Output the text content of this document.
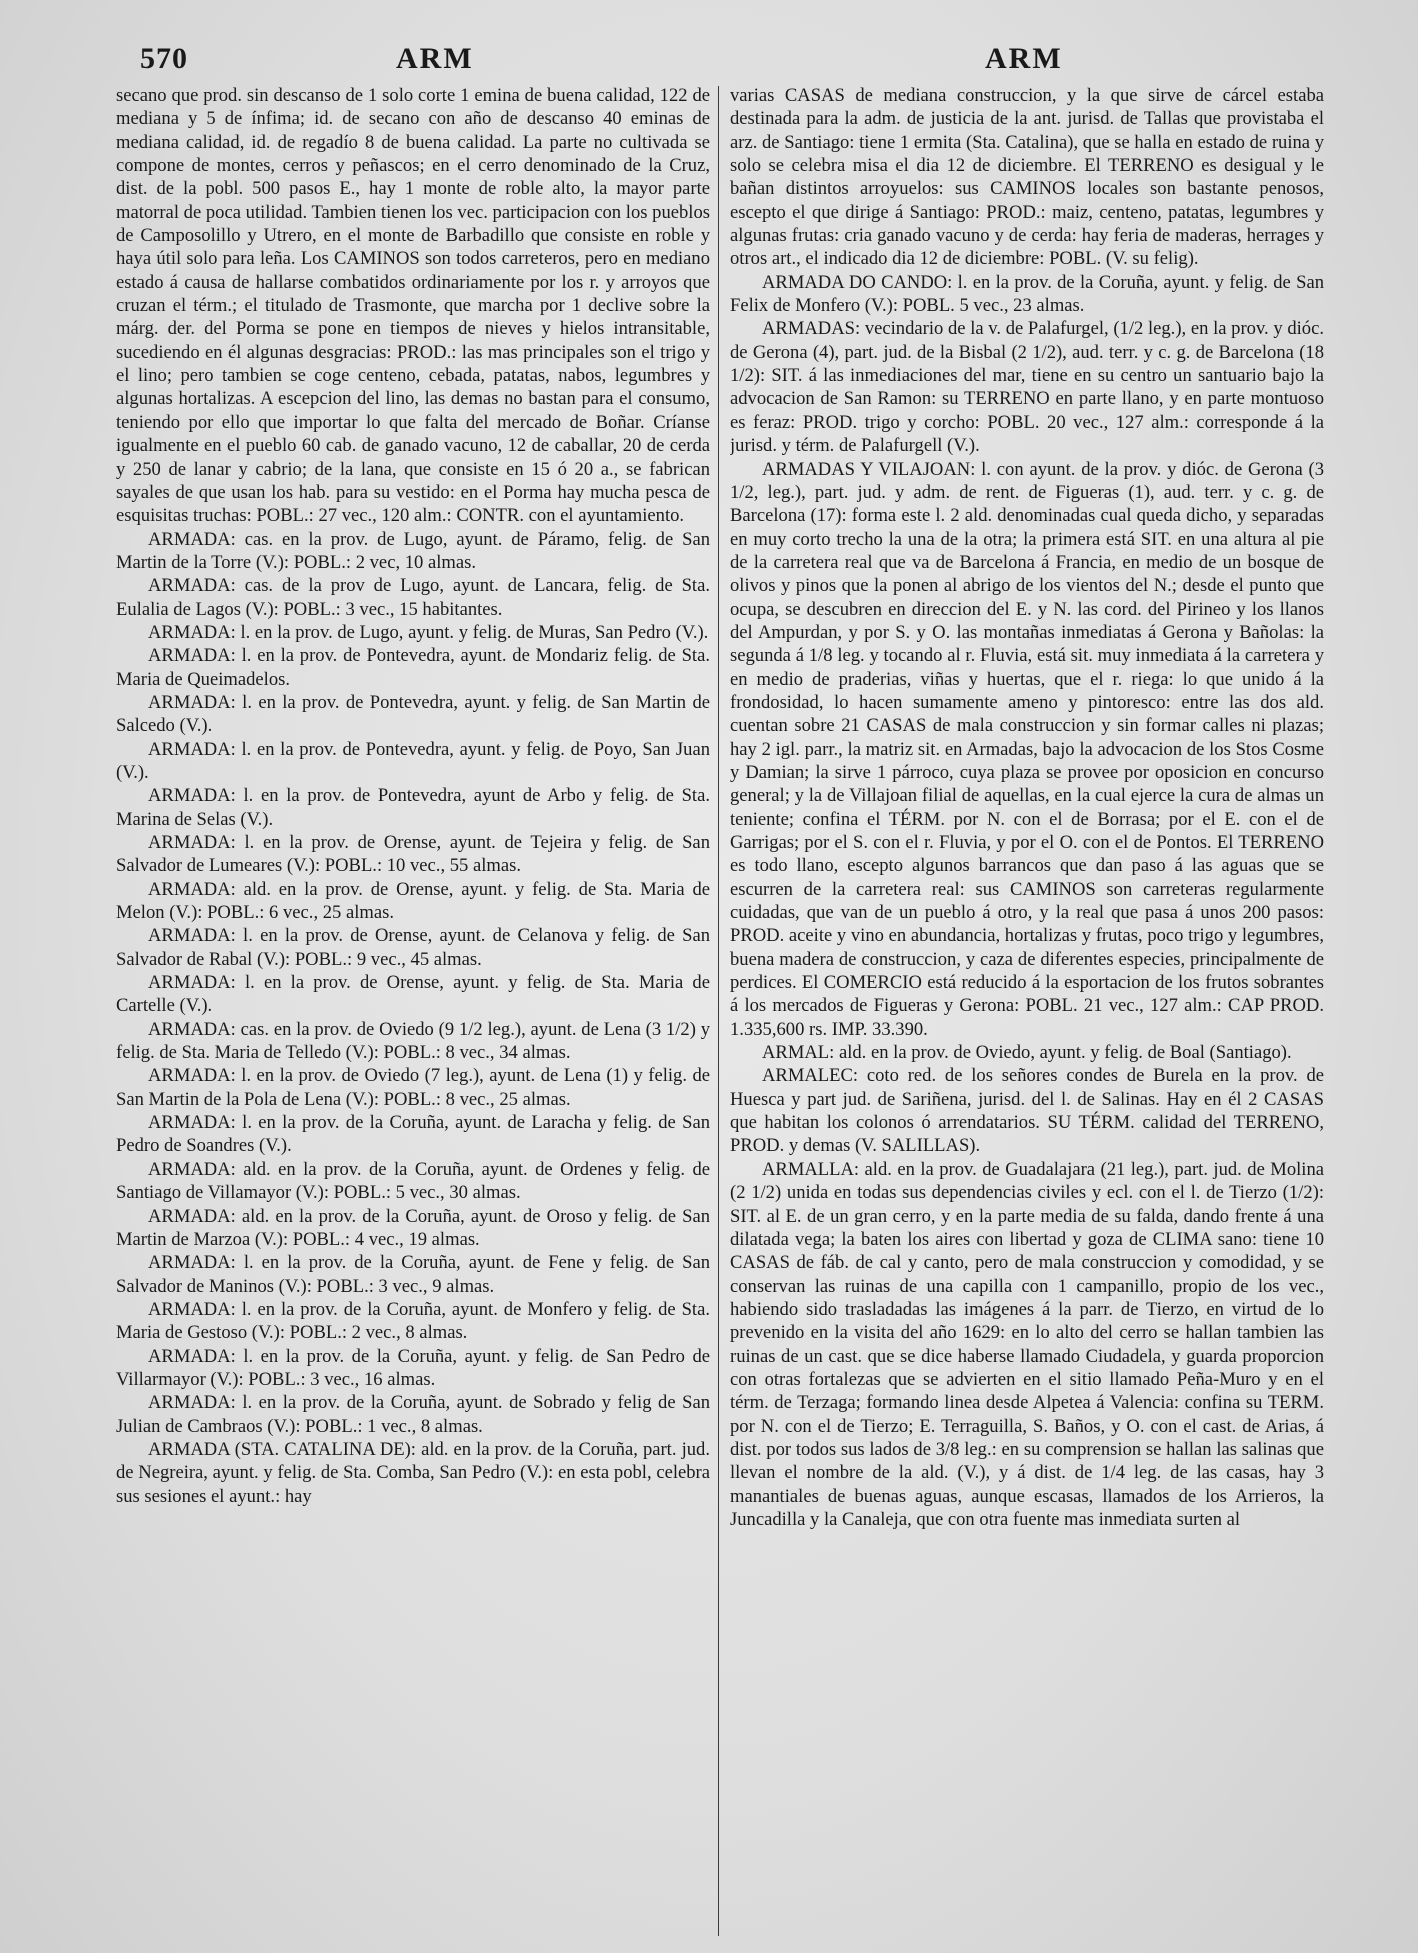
570	ARM	ARM

secano que prod. sin descanso de 1 solo corte 1 emina de buena calidad, 122 de mediana y 5 de ínfima; id. de secano con año de descanso 40 eminas de mediana calidad, id. de regadío 8 de buena calidad. La parte no cultivada se compone de montes, cerros y peñascos; en el cerro denominado de la Cruz, dist. de la pobl. 500 pasos E., hay 1 monte de roble alto, la mayor parte matorral de poca utilidad. Tambien tienen los vec. participacion con los pueblos de Camposolillo y Utrero, en el monte de Barbadillo que consiste en roble y haya útil solo para leña. Los CAMINOS son todos carreteros, pero en mediano estado á causa de hallarse combatidos ordinariamente por los r. y arroyos que cruzan el térm.; el titulado de Trasmonte, que marcha por 1 declive sobre la márg. der. del Porma se pone en tiempos de nieves y hielos intransitable, sucediendo en él algunas desgracias: PROD.: las mas principales son el trigo y el lino; pero tambien se coge centeno, cebada, patatas, nabos, legumbres y algunas hortalizas. A escepcion del lino, las demas no bastan para el consumo, teniendo por ello que importar lo que falta del mercado de Boñar. Críanse igualmente en el pueblo 60 cab. de ganado vacuno, 12 de caballar, 20 de cerda y 250 de lanar y cabrio; de la lana, que consiste en 15 ó 20 a., se fabrican sayales de que usan los hab. para su vestido: en el Porma hay mucha pesca de esquisitas truchas: POBL.: 27 vec., 120 alm.: CONTR. con el ayuntamiento.

ARMADA: cas. en la prov. de Lugo, ayunt. de Páramo, felig. de San Martin de la Torre (V.): POBL.: 2 vec, 10 almas.

ARMADA: cas. de la prov de Lugo, ayunt. de Lancara, felig. de Sta. Eulalia de Lagos (V.): POBL.: 3 vec., 15 habitantes.

ARMADA: l. en la prov. de Lugo, ayunt. y felig. de Muras, San Pedro (V.).

ARMADA: l. en la prov. de Pontevedra, ayunt. de Mondariz felig. de Sta. Maria de Queimadelos.

ARMADA: l. en la prov. de Pontevedra, ayunt. y felig. de San Martin de Salcedo (V.).

ARMADA: l. en la prov. de Pontevedra, ayunt. y felig. de Poyo, San Juan (V.).

ARMADA: l. en la prov. de Pontevedra, ayunt de Arbo y felig. de Sta. Marina de Selas (V.).

ARMADA: l. en la prov. de Orense, ayunt. de Tejeira y felig. de San Salvador de Lumeares (V.): POBL.: 10 vec., 55 almas.

ARMADA: ald. en la prov. de Orense, ayunt. y felig. de Sta. Maria de Melon (V.): POBL.: 6 vec., 25 almas.

ARMADA: l. en la prov. de Orense, ayunt. de Celanova y felig. de San Salvador de Rabal (V.): POBL.: 9 vec., 45 almas.

ARMADA: l. en la prov. de Orense, ayunt. y felig. de Sta. Maria de Cartelle (V.).

ARMADA: cas. en la prov. de Oviedo (9 1/2 leg.), ayunt. de Lena (3 1/2) y felig. de Sta. Maria de Telledo (V.): POBL.: 8 vec., 34 almas.

ARMADA: l. en la prov. de Oviedo (7 leg.), ayunt. de Lena (1) y felig. de San Martin de la Pola de Lena (V.): POBL.: 8 vec., 25 almas.

ARMADA: l. en la prov. de la Coruña, ayunt. de Laracha y felig. de San Pedro de Soandres (V.).

ARMADA: ald. en la prov. de la Coruña, ayunt. de Ordenes y felig. de Santiago de Villamayor (V.): POBL.: 5 vec., 30 almas.

ARMADA: ald. en la prov. de la Coruña, ayunt. de Oroso y felig. de San Martin de Marzoa (V.): POBL.: 4 vec., 19 almas.

ARMADA: l. en la prov. de la Coruña, ayunt. de Fene y felig. de San Salvador de Maninos (V.): POBL.: 3 vec., 9 almas.

ARMADA: l. en la prov. de la Coruña, ayunt. de Monfero y felig. de Sta. Maria de Gestoso (V.): POBL.: 2 vec., 8 almas.

ARMADA: l. en la prov. de la Coruña, ayunt. y felig. de San Pedro de Villarmayor (V.): POBL.: 3 vec., 16 almas.

ARMADA: l. en la prov. de la Coruña, ayunt. de Sobrado y felig de San Julian de Cambraos (V.): POBL.: 1 vec., 8 almas.

ARMADA (STA. CATALINA DE): ald. en la prov. de la Coruña, part. jud. de Negreira, ayunt. y felig. de Sta. Comba, San Pedro (V.): en esta pobl, celebra sus sesiones el ayunt.: hay

varias CASAS de mediana construccion, y la que sirve de cárcel estaba destinada para la adm. de justicia de la ant. jurisd. de Tallas que provistaba el arz. de Santiago: tiene 1 ermita (Sta. Catalina), que se halla en estado de ruina y solo se celebra misa el dia 12 de diciembre. El TERRENO es desigual y le bañan distintos arroyuelos: sus CAMINOS locales son bastante penosos, escepto el que dirige á Santiago: PROD.: maiz, centeno, patatas, legumbres y algunas frutas: cria ganado vacuno y de cerda: hay feria de maderas, herrages y otros art., el indicado dia 12 de diciembre: POBL. (V. su felig).

ARMADA DO CANDO: l. en la prov. de la Coruña, ayunt. y felig. de San Felix de Monfero (V.): POBL. 5 vec., 23 almas.

ARMADAS: vecindario de la v. de Palafurgel, (1/2 leg.), en la prov. y dióc. de Gerona (4), part. jud. de la Bisbal (2 1/2), aud. terr. y c. g. de Barcelona (18 1/2): SIT. á las inmediaciones del mar, tiene en su centro un santuario bajo la advocacion de San Ramon: su TERRENO en parte llano, y en parte montuoso es feraz: PROD. trigo y corcho: POBL. 20 vec., 127 alm.: corresponde á la jurisd. y térm. de Palafurgell (V.).

ARMADAS Y VILAJOAN: l. con ayunt. de la prov. y dióc. de Gerona (3 1/2, leg.), part. jud. y adm. de rent. de Figueras (1), aud. terr. y c. g. de Barcelona (17): forma este l. 2 ald. denominadas cual queda dicho, y separadas en muy corto trecho la una de la otra; la primera está SIT. en una altura al pie de la carretera real que va de Barcelona á Francia, en medio de un bosque de olivos y pinos que la ponen al abrigo de los vientos del N.; desde el punto que ocupa, se descubren en direccion del E. y N. las cord. del Pirineo y los llanos del Ampurdan, y por S. y O. las montañas inmediatas á Gerona y Bañolas: la segunda á 1/8 leg. y tocando al r. Fluvia, está sit. muy inmediata á la carretera y en medio de praderias, viñas y huertas, que el r. riega: lo que unido á la frondosidad, lo hacen sumamente ameno y pintoresco: entre las dos ald. cuentan sobre 21 CASAS de mala construccion y sin formar calles ni plazas; hay 2 igl. parr., la matriz sit. en Armadas, bajo la advocacion de los Stos Cosme y Damian; la sirve 1 párroco, cuya plaza se provee por oposicion en concurso general; y la de Villajoan filial de aquellas, en la cual ejerce la cura de almas un teniente; confina el TÉRM. por N. con el de Borrasa; por el E. con el de Garrigas; por el S. con el r. Fluvia, y por el O. con el de Pontos. El TERRENO es todo llano, escepto algunos barrancos que dan paso á las aguas que se escurren de la carretera real: sus CAMINOS son carreteras regularmente cuidadas, que van de un pueblo á otro, y la real que pasa á unos 200 pasos: PROD. aceite y vino en abundancia, hortalizas y frutas, poco trigo y legumbres, buena madera de construccion, y caza de diferentes especies, principalmente de perdices. El COMERCIO está reducido á la esportacion de los frutos sobrantes á los mercados de Figueras y Gerona: POBL. 21 vec., 127 alm.: CAP PROD. 1.335,600 rs. IMP. 33.390.

ARMAL: ald. en la prov. de Oviedo, ayunt. y felig. de Boal (Santiago).

ARMALEC: coto red. de los señores condes de Burela en la prov. de Huesca y part jud. de Sariñena, jurisd. del l. de Salinas. Hay en él 2 CASAS que habitan los colonos ó arrendatarios. SU TÉRM. calidad del TERRENO, PROD. y demas (V. SALILLAS).

ARMALLA: ald. en la prov. de Guadalajara (21 leg.), part. jud. de Molina (2 1/2) unida en todas sus dependencias civiles y ecl. con el l. de Tierzo (1/2): SIT. al E. de un gran cerro, y en la parte media de su falda, dando frente á una dilatada vega; la baten los aires con libertad y goza de CLIMA sano: tiene 10 CASAS de fáb. de cal y canto, pero de mala construccion y comodidad, y se conservan las ruinas de una capilla con 1 campanillo, propio de los vec., habiendo sido trasladadas las imágenes á la parr. de Tierzo, en virtud de lo prevenido en la visita del año 1629: en lo alto del cerro se hallan tambien las ruinas de un cast. que se dice haberse llamado Ciudadela, y guarda proporcion con otras fortalezas que se advierten en el sitio llamado Peña-Muro y en el térm. de Terzaga; formando linea desde Alpetea á Valencia: confina su TERM. por N. con el de Tierzo; E. Terraguilla, S. Baños, y O. con el cast. de Arias, á dist. por todos sus lados de 3/8 leg.: en su comprension se hallan las salinas que llevan el nombre de la ald. (V.), y á dist. de 1/4 leg. de las casas, hay 3 manantiales de buenas aguas, aunque escasas, llamados de los Arrieros, la Juncadilla y la Canaleja, que con otra fuente mas inmediata surten al
